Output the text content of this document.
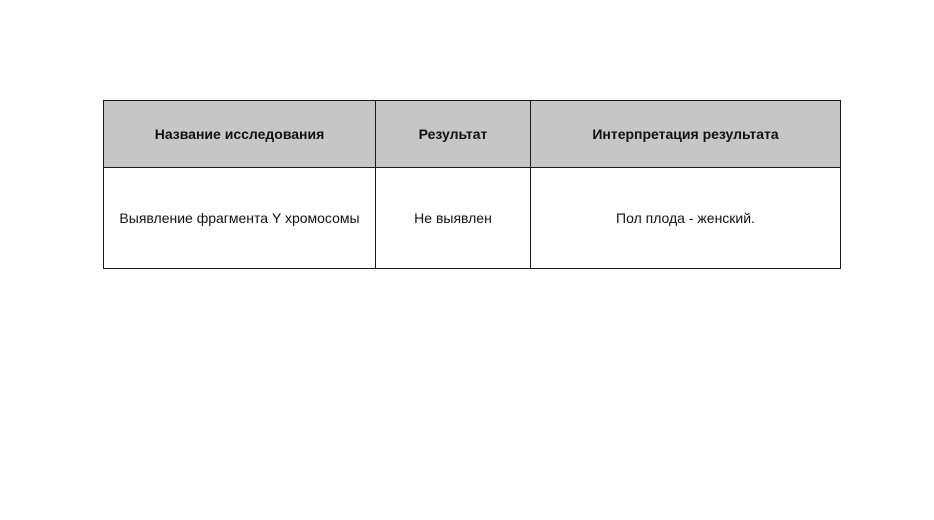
Название исследования	Результат	Интерпретация результата
Выявление фрагмента Y хромосомы	Не выявлен	Пол плода - женский.
